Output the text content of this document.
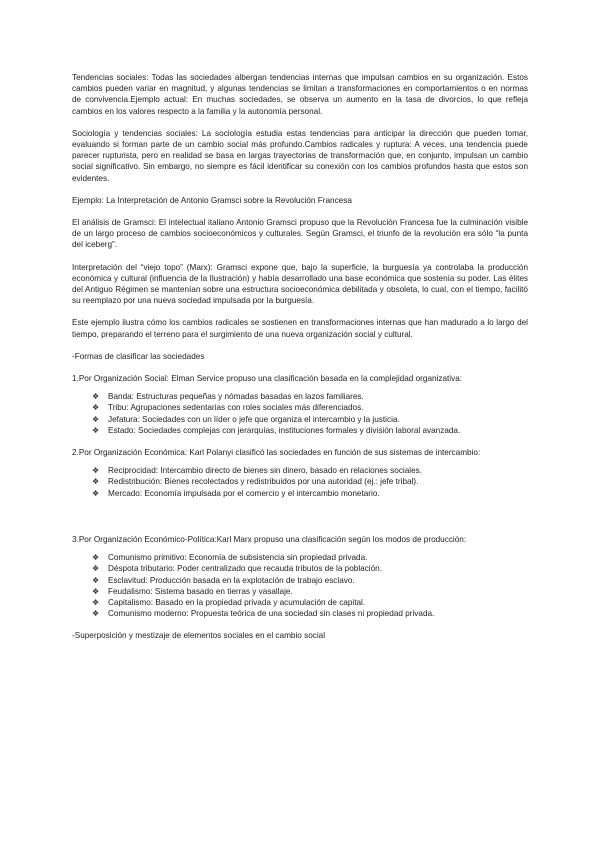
Tendencias sociales: Todas las sociedades albergan tendencias internas que impulsan cambios en su organización. Estos cambios pueden variar en magnitud, y algunas tendencias se limitan a transformaciones en comportamientos o en normas de convivencia.Ejemplo actual: En muchas sociedades, se observa un aumento en la tasa de divorcios, lo que refleja cambios en los valores respecto a la familia y la autonomía personal.

Sociología y tendencias sociales: La sociología estudia estas tendencias para anticipar la dirección que pueden tomar, evaluando si forman parte de un cambio social más profundo.Cambios radicales y ruptura: A veces, una tendencia puede parecer rupturista, pero en realidad se basa en largas trayectorias de transformación que, en conjunto, impulsan un cambio social significativo. Sin embargo, no siempre es fácil identificar su conexión con los cambios profundos hasta que estos son evidentes.

Ejemplo: La Interpretación de Antonio Gramsci sobre la Revolución Francesa

El análisis de Gramsci: El intelectual italiano Antonio Gramsci propuso que la Revolución Francesa fue la culminación visible de un largo proceso de cambios socioeconómicos y culturales. Según Gramsci, el triunfo de la revolución era sólo “la punta del iceberg”.

Interpretación del “viejo topo” (Marx): Gramsci expone que, bajo la superficie, la burguesía ya controlaba la producción económica y cultural (influencia de la Ilustración) y había desarrollado una base económica que sostenía su poder. Las élites del Antiguo Régimen se mantenían sobre una estructura socioeconómica debilitada y obsoleta, lo cual, con el tiempo, facilitó su reemplazo por una nueva sociedad impulsada por la burguesía.

Este ejemplo ilustra cómo los cambios radicales se sostienen en transformaciones internas que han madurado a lo largo del tiempo, preparando el terreno para el surgimiento de una nueva organización social y cultural.

-Formas de clasificar las sociedades

1.Por Organización Social: Elman Service propuso una clasificación basada en la complejidad organizativa:

❖ Banda: Estructuras pequeñas y nómadas basadas en lazos familiares.
❖ Tribu: Agrupaciones sedentarias con roles sociales más diferenciados.
❖ Jefatura: Sociedades con un líder o jefe que organiza el intercambio y la justicia.
❖ Estado: Sociedades complejas con jerarquías, instituciones formales y división laboral avanzada.

2.Por Organización Económica: Karl Polanyi clasificó las sociedades en función de sus sistemas de intercambio:

❖ Reciprocidad: Intercambio directo de bienes sin dinero, basado en relaciones sociales.
❖ Redistribución: Bienes recolectados y redistribuidos por una autoridad (ej.: jefe tribal).
❖ Mercado: Economía impulsada por el comercio y el intercambio monetario.

3.Por Organización Económico-Política:Karl Marx propuso una clasificación según los modos de producción:

❖ Comunismo primitivo: Economía de subsistencia sin propiedad privada.
❖ Déspota tributario: Poder centralizado que recauda tributos de la población.
❖ Esclavitud: Producción basada en la explotación de trabajo esclavo.
❖ Feudalismo: Sistema basado en tierras y vasallaje.
❖ Capitalismo: Basado en la propiedad privada y acumulación de capital.
❖ Comunismo moderno: Propuesta teórica de una sociedad sin clases ni propiedad privada.

-Superposición y mestizaje de elementos sociales en el cambio social
